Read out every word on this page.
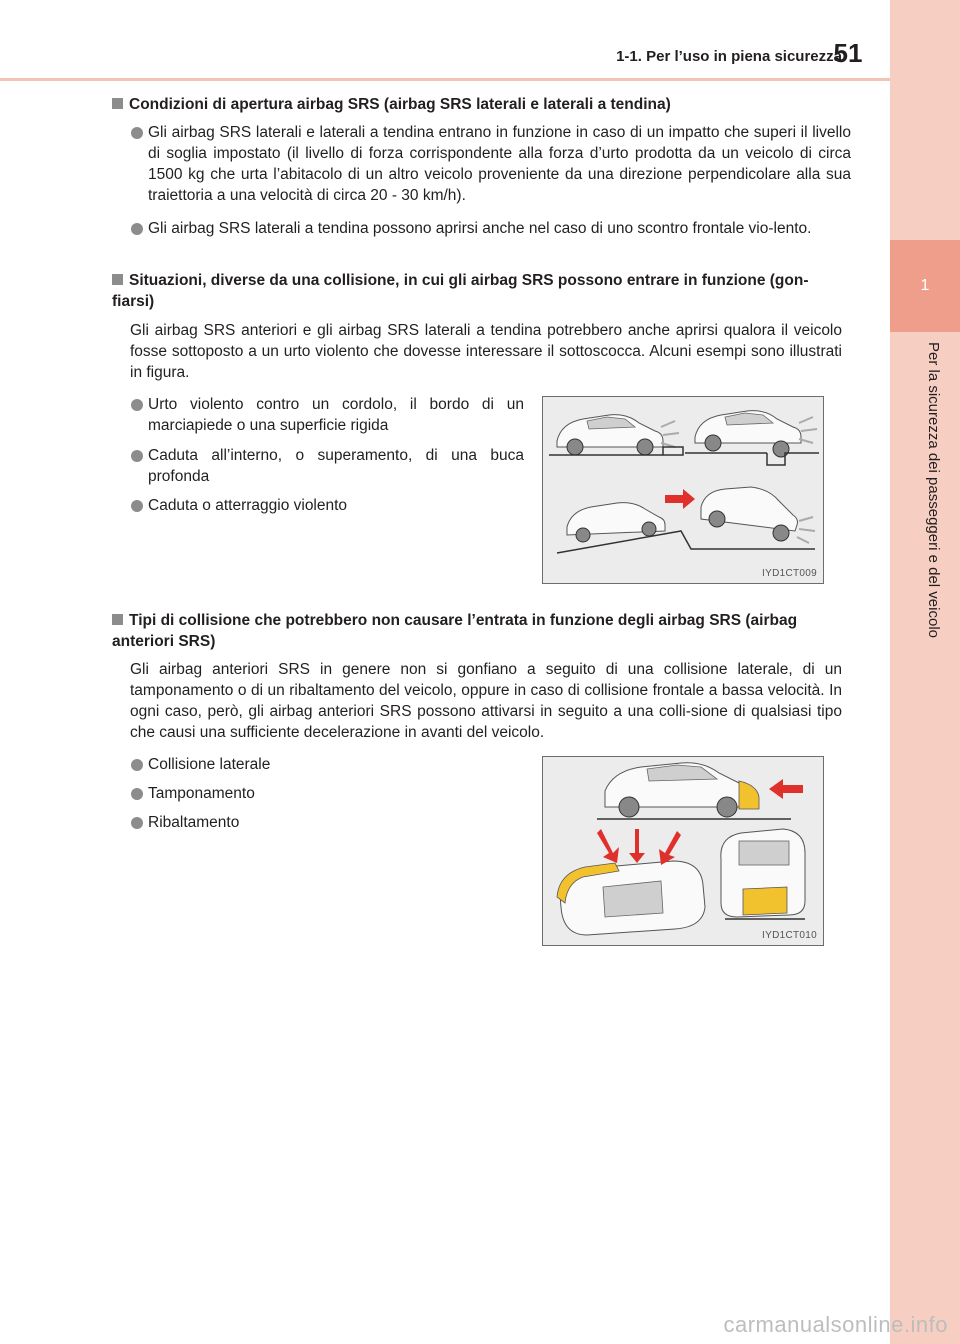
1-1. Per l’uso in piena sicurezza
51
1
Per la sicurezza dei passeggeri e del veicolo
Condizioni di apertura airbag SRS (airbag SRS laterali e laterali a tendina)
Gli airbag SRS laterali e laterali a tendina entrano in funzione in caso di un impatto che superi il livello di soglia impostato (il livello di forza corrispondente alla forza d’urto prodotta da un veicolo di circa 1500 kg che urta l’abitacolo di un altro veicolo proveniente da una direzione perpendicolare alla sua traiettoria a una velocità di circa 20 - 30 km/h).
Gli airbag SRS laterali a tendina possono aprirsi anche nel caso di uno scontro frontale vio-lento.
Situazioni, diverse da una collisione, in cui gli airbag SRS possono entrare in funzione (gon-
fiarsi)
Gli airbag SRS anteriori e gli airbag SRS laterali a tendina potrebbero anche aprirsi qualora il veicolo fosse sottoposto a un urto violento che dovesse interessare il sottoscocca. Alcuni esempi sono illustrati in figura.
Urto violento contro un cordolo, il bordo di un marciapiede o una superficie rigida
Caduta all’interno, o superamento, di una buca profonda
Caduta o atterraggio violento
IYD1CT009
Tipi di collisione che potrebbero non causare l’entrata in funzione degli airbag SRS (airbag
anteriori SRS)
Gli airbag anteriori SRS in genere non si gonfiano a seguito di una collisione laterale, di un tamponamento o di un ribaltamento del veicolo, oppure in caso di collisione frontale a bassa velocità. In ogni caso, però, gli airbag anteriori SRS possono attivarsi in seguito a una colli-sione di qualsiasi tipo che causi una sufficiente decelerazione in avanti del veicolo.
Collisione laterale
Tamponamento
Ribaltamento
IYD1CT010
carmanualsonline.info
